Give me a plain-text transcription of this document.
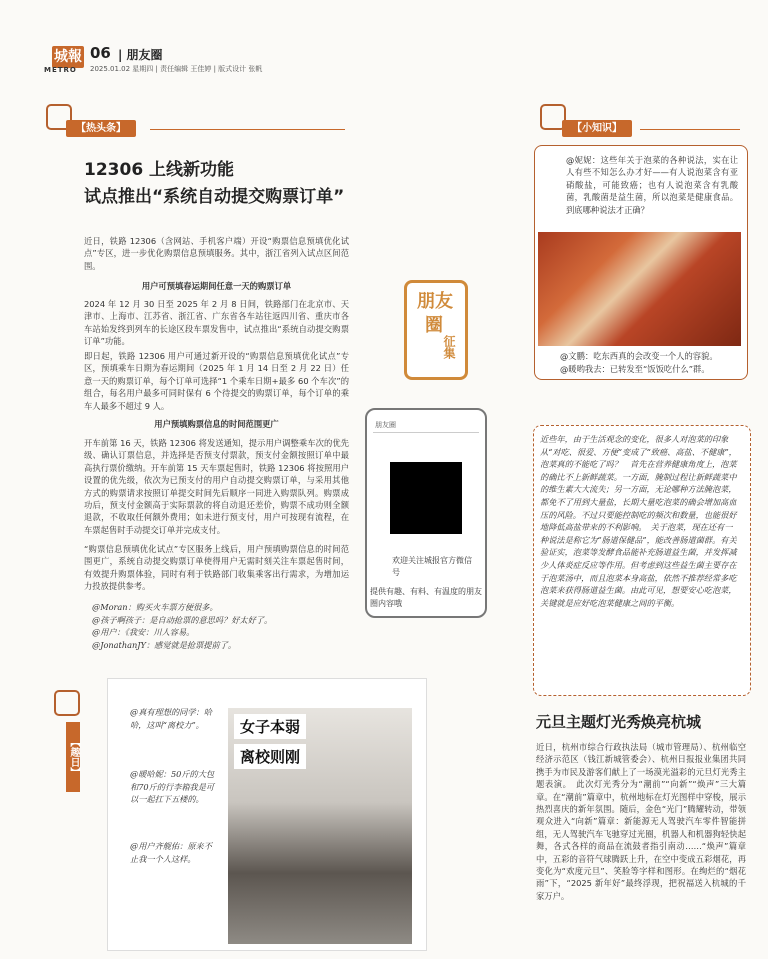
城報
METRO
06 | 朋友圈
2025.01.02 星期四 | 责任编辑 王佳婷 | 版式设计 张帆
【热头条】
12306 上线新功能
试点推出“系统自动提交购票订单”
近日，铁路 12306（含网站、手机客户端）开设“购票信息预填优化试点”专区，进一步优化购票信息预填服务。其中，浙江省列入试点区间范围。
用户可预填春运期间任意一天的购票订单
2024 年 12 月 30 日至 2025 年 2 月 8 日间，铁路部门在北京市、天津市、上海市、江苏省、浙江省、广东省各车站往返四川省、重庆市各车站始发终到列车的长途区段车票发售中，试点推出“系统自动提交购票订单”功能。
即日起，铁路 12306 用户可通过新开设的“购票信息预填优化试点”专区，预填乘车日期为春运期间（2025 年 1 月 14 日至 2 月 22 日）任意一天的购票订单，每个订单可选择“1 个乘车日期+最多 60 个车次”的组合，每名用户最多可同时保有 6 个待提交的购票订单，每个订单的乘车人最多不超过 9 人。
用户预填购票信息的时间范围更广
开车前第 16 天，铁路 12306 将发送通知，提示用户调整乘车次的优先级、确认订票信息，并选择是否预支付票款，预支付金额按照订单中最高执行票价缴纳。开车前第 15 天车票起售时，铁路 12306 将按照用户设置的优先级，依次为已预支付的用户自动提交购票订单，与采用其他方式的购票请求按照订单提交时间先后顺序一同进入购票队列。购票成功后，预支付金额高于实际票款的将自动退还差价，购票不成功则全额退款，不收取任何额外费用；如未进行预支付，用户可按现有流程，在车票起售时手动提交订单并完成支付。
“购票信息预填优化试点”专区服务上线后，用户预填购票信息的时间范围更广，系统自动提交购票订单使得用户无需时刻关注车票起售时间，有效提升购票体验，同时有利于铁路部门收集乘客出行需求，为增加运力投放提供参考。
@Moran：购买火车票方便很多。
@孩子啊孩子：是自动抢票的意思吗？好太好了。
@用户：《我安：川人容易。
@JonathanJY：感觉就是抢票提前了。
朋友
圈
征集
朋友圈
欢迎关注城报官方微信号
提供有趣、有料、有温度的朋友圈内容哦
【小知识】
@妮妮：这些年关于泡菜的各种说法，实在让人有些不知怎么办才好——有人说泡菜含有亚硝酸盐，可能致癌；也有人说泡菜含有乳酸菌，乳酸菌是益生菌，所以泡菜是健康食品。到底哪种说法才正确？
@文鹏：吃东西真的会改变一个人的容貌。
@暖哟我去：已转发至“饭饭吃什么”群。
近些年，由于生活观念的变化，很多人对泡菜的印象从“对吃、很爱、方便”变成了“致癌、高盐、不健康”，泡菜真的不能吃了吗？　首先在营养健康角度上，泡菜的确比不上新鲜蔬菜。一方面，腌制过程让新鲜蔬菜中的维生素大大流失；另一方面，无论哪种方法腌泡菜，都免不了用到大量盐，长期大量吃泡菜的确会增加高血压的风险。不过只要能控制吃的频次和数量，也能很好地降低高盐带来的不利影响。　关于泡菜，现在还有一种说法是称它为“肠道保健品”，能改善肠道菌群。有关验证实，泡菜等发酵食品能补充肠道益生菌，并发挥减少人体炎症反应等作用。但考虑到这些益生菌主要存在于泡菜汤中，而且泡菜本身高盐，依然不推荐经常多吃泡菜来获得肠道益生菌。由此可见，想要安心吃泡菜，关键就是应好吃泡菜健康之间的平衡。
【趣日】
女子本弱
离校则刚
@真有理想的同学：哈哈，这叫“离校力”。
@暖哈妮：50斤的大包和70斤的行李箱我是可以一起扛下五楼的。
@用户齐舰佑：原来不止我一个人这样。
元旦主题灯光秀焕亮杭城
近日，杭州市综合行政执法局（城市管理局）、杭州临空经济示范区（钱江新城管委会）、杭州日报报业集团共同携手为市民及游客们献上了一场漠光溢彩的元旦灯光秀主题表演。　此次灯光秀分为“潮前”“向新”“焕声”三大篇章。在“潮前”篇章中，杭州地标在灯光图样中穿梭，展示热烈喜庆的新年氛围。随后，金色“光门”腾耀转动，带领观众进入“向新”篇章：新能源无人驾驶汽车零件智能拼组，无人驾驶汽车飞驰穿过光圈，机器人和机器狗轻快起舞，各式各样的商品在流鼓者指引南动……“焕声”篇章中，五彩的音符气球腾跃上升，在空中变成五彩烟花，再变化为“欢度元旦”、笑脸等字样和图形。在绚烂的“烟花雨”下，“2025 新年好”最终浮现，把祝福送入杭城的千家万户。
